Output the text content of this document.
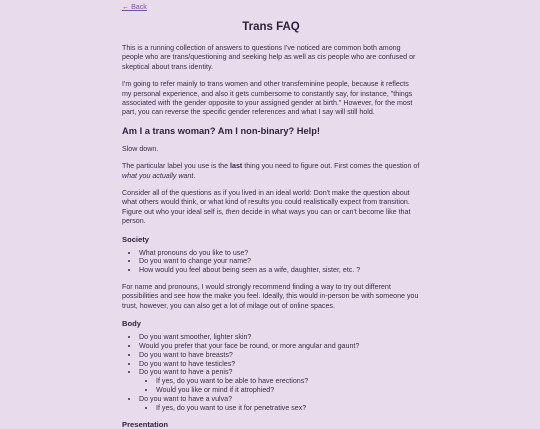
← Back
Trans FAQ

This is a running collection of answers to questions I've noticed are common both among people who are trans/questioning and seeking help as well as cis people who are confused or skeptical about trans identity.

I'm going to refer mainly to trans women and other transfeminine people, because it reflects my personal experience, and also it gets cumbersome to constantly say, for instance, "things associated with the gender opposite to your assigned gender at birth." However, for the most part, you can reverse the specific gender references and what I say will still hold.

Am I a trans woman? Am I non-binary? Help!

Slow down.

The particular label you use is the last thing you need to figure out. First comes the question of what you actually want.

Consider all of the questions as if you lived in an ideal world: Don't make the question about what others would think, or what kind of results you could realistically expect from transition. Figure out who your ideal self is, then decide in what ways you can or can't become like that person.

Society
• What pronouns do you like to use?
• Do you want to change your name?
• How would you feel about being seen as a wife, daughter, sister, etc. ?

For name and pronouns, I would strongly recommend finding a way to try out different possibilities and see how the make you feel. Ideally, this would in-person be with someone you trust, however, you can also get a lot of milage out of online spaces.

Body
• Do you want smoother, lighter skin?
• Would you prefer that your face be round, or more angular and gaunt?
• Do you want to have breasts?
• Do you want to have testicles?
• Do you want to have a penis?
• If yes, do you want to be able to have erections?
• Would you like or mind if it atrophied?
• Do you want to have a vulva?
• If yes, do you want to use it for penetrative sex?
Presentation
